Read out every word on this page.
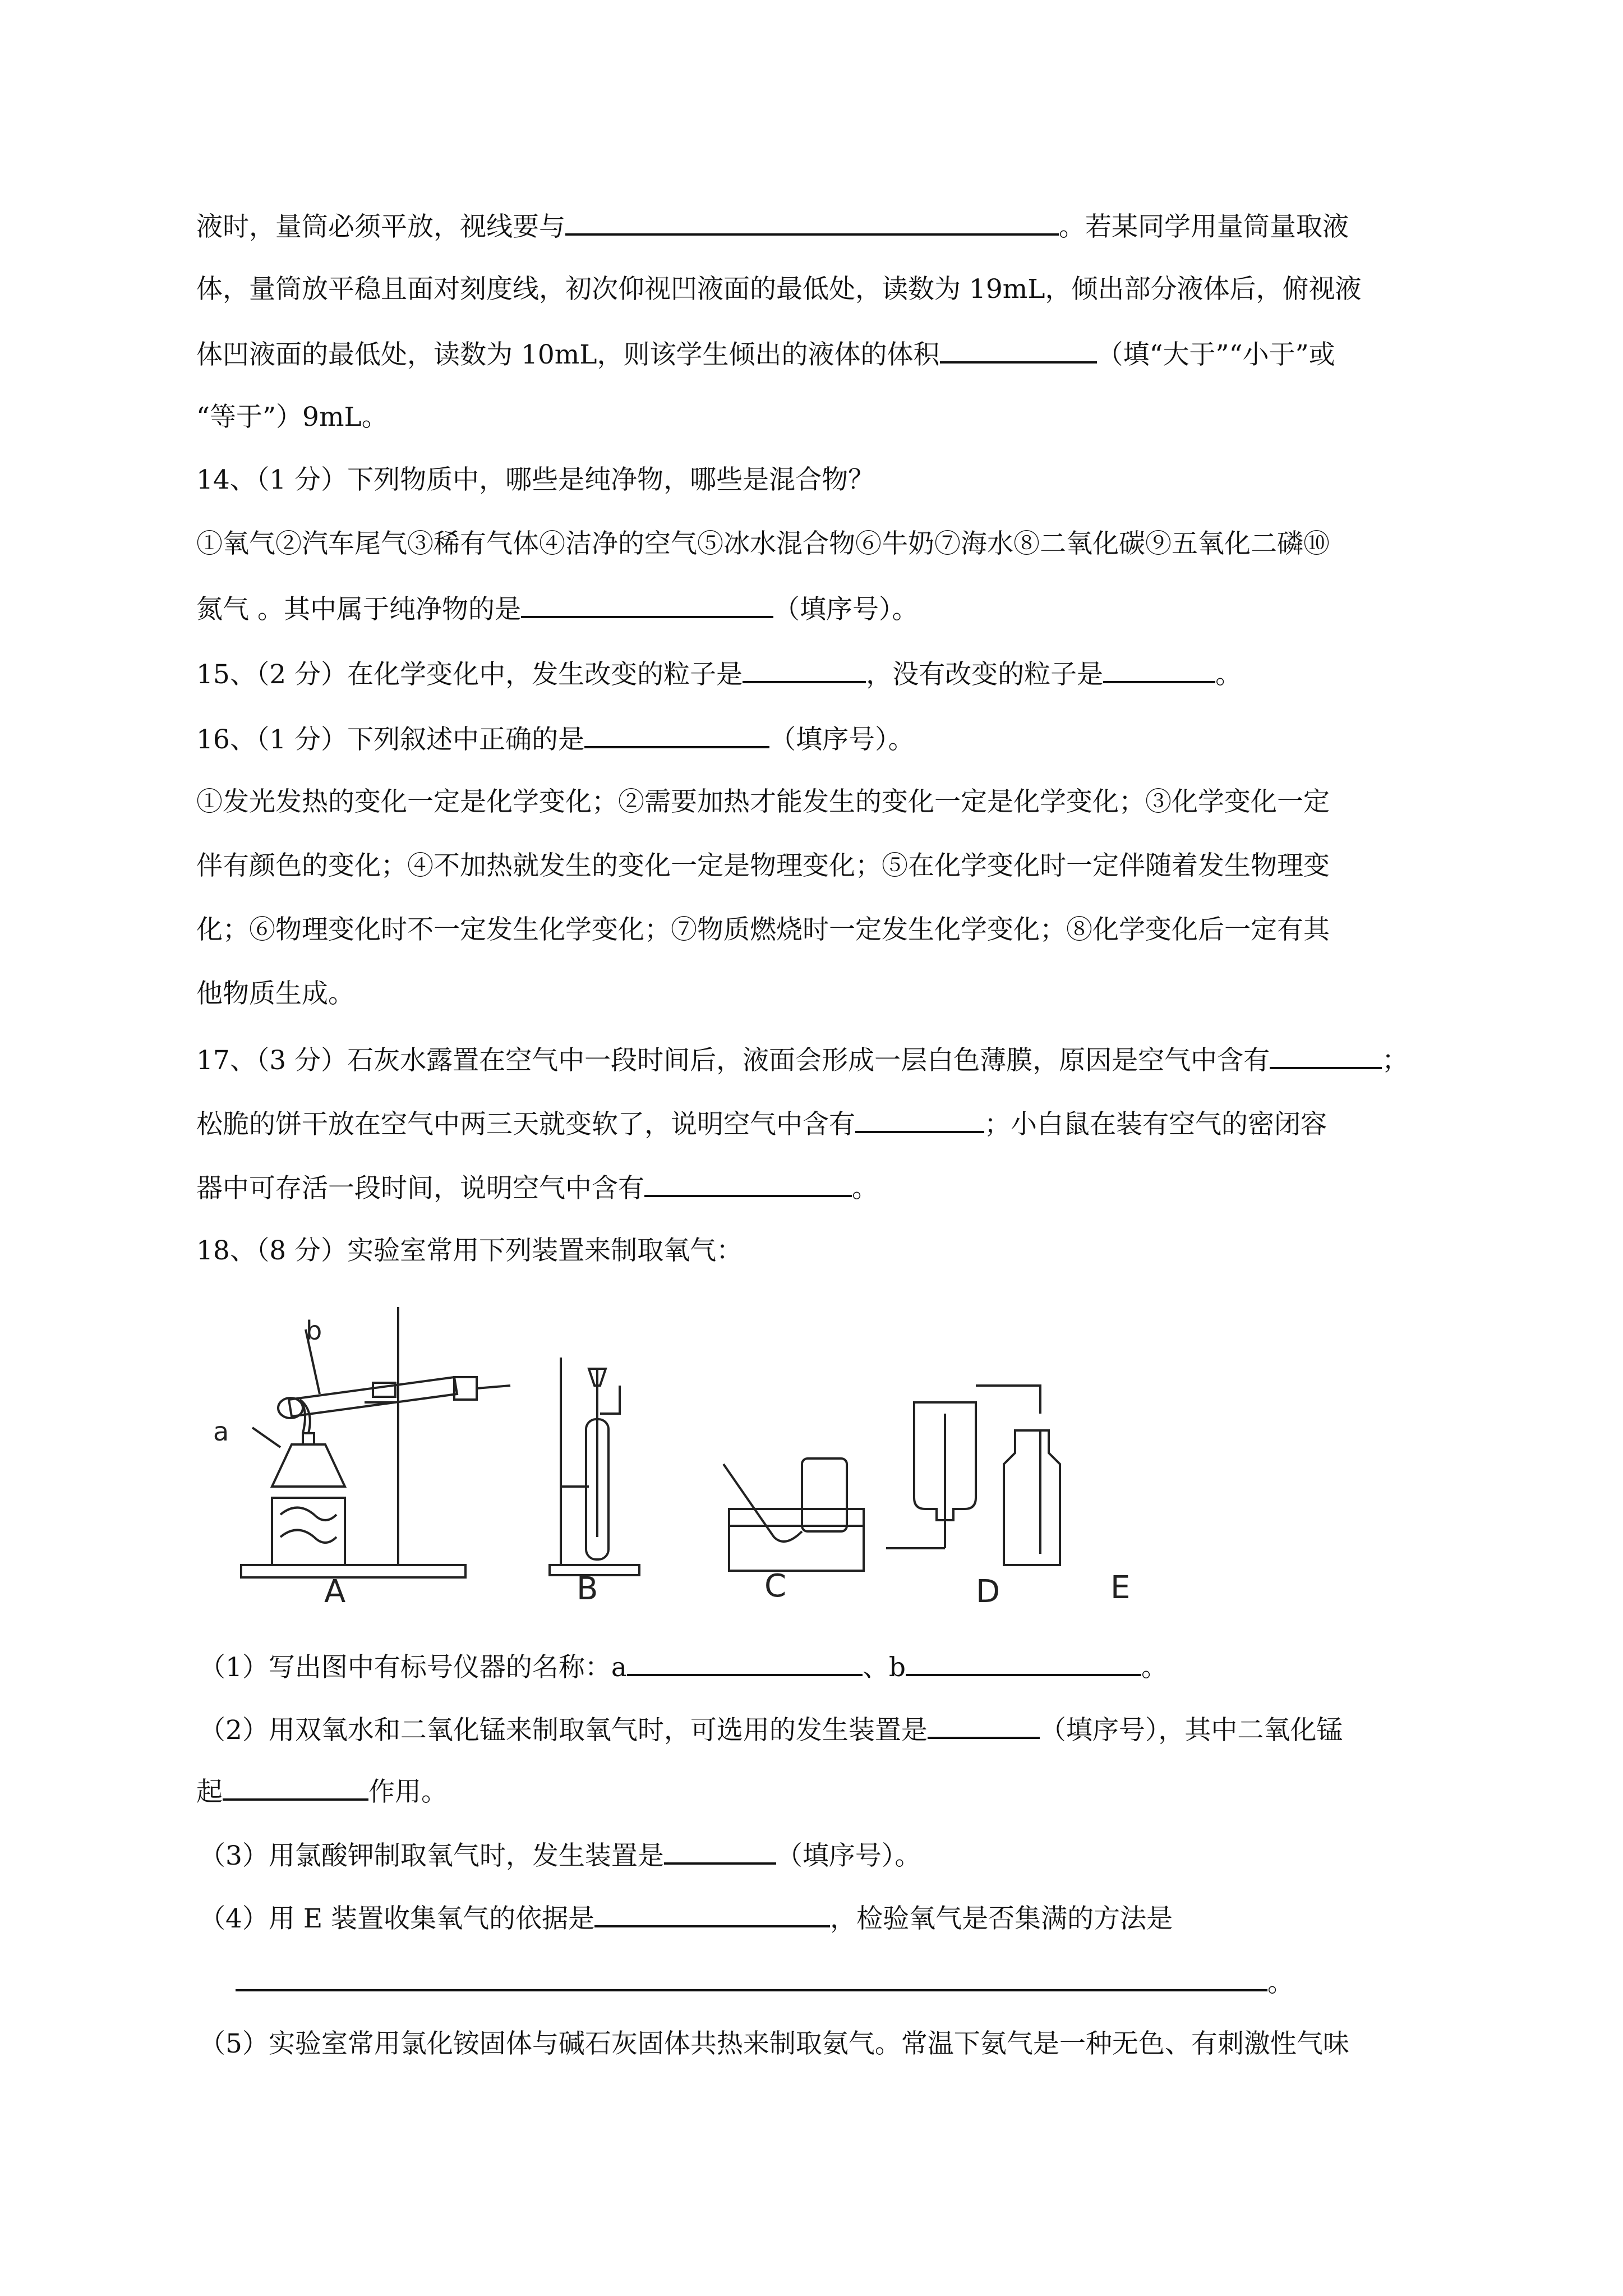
液时，量筒必须平放，视线要与	。若某同学用量筒量取液
体，量筒放平稳且面对刻度线，初次仰视凹液面的最低处，读数为 19mL，倾出部分液体后，俯视液
体凹液面的最低处，读数为 10mL，则该学生倾出的液体的体积	（填“大于”“小于”或
“等于”）9mL。
14、（1 分）下列物质中，哪些是纯净物，哪些是混合物？
①氧气②汽车尾气③稀有气体④洁净的空气⑤冰水混合物⑥牛奶⑦海水⑧二氧化碳⑨五氧化二磷⑩
氮气 。其中属于纯净物的是	（填序号）。
15、（2 分）在化学变化中，发生改变的粒子是	，没有改变的粒子是	。
16、（1 分）下列叙述中正确的是	（填序号）。
①发光发热的变化一定是化学变化；②需要加热才能发生的变化一定是化学变化；③化学变化一定
伴有颜色的变化；④不加热就发生的变化一定是物理变化；⑤在化学变化时一定伴随着发生物理变
化；⑥物理变化时不一定发生化学变化；⑦物质燃烧时一定发生化学变化；⑧化学变化后一定有其
他物质生成。
17、（3 分）石灰水露置在空气中一段时间后，液面会形成一层白色薄膜，原因是空气中含有	；
松脆的饼干放在空气中两三天就变软了，说明空气中含有	；小白鼠在装有空气的密闭容
器中可存活一段时间，说明空气中含有	。
18、（8 分）实验室常用下列装置来制取氧气：
a
b
A	B	C	D	E
（1）写出图中有标号仪器的名称：a	、b	。
（2）用双氧水和二氧化锰来制取氧气时，可选用的发生装置是	（填序号），其中二氧化锰
起	作用。
（3）用氯酸钾制取氧气时，发生装置是	（填序号）。
（4）用 E 装置收集氧气的依据是	，检验氧气是否集满的方法是
。
（5）实验室常用氯化铵固体与碱石灰固体共热来制取氨气。常温下氨气是一种无色、有刺激性气味
